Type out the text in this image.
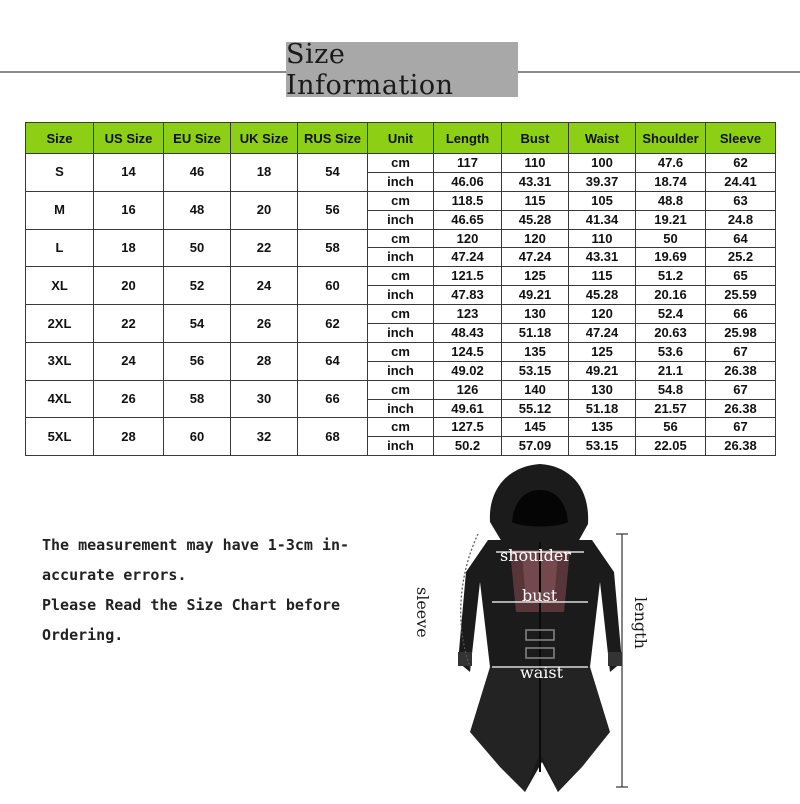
Size Information
Size	US Size	EU Size	UK Size	RUS Size	Unit	Length	Bust	Waist	Shoulder	Sleeve
S	14	46	18	54	cm	117	110	100	47.6	62
					inch	46.06	43.31	39.37	18.74	24.41
M	16	48	20	56	cm	118.5	115	105	48.8	63
					inch	46.65	45.28	41.34	19.21	24.8
L	18	50	22	58	cm	120	120	110	50	64
					inch	47.24	47.24	43.31	19.69	25.2
XL	20	52	24	60	cm	121.5	125	115	51.2	65
					inch	47.83	49.21	45.28	20.16	25.59
2XL	22	54	26	62	cm	123	130	120	52.4	66
					inch	48.43	51.18	47.24	20.63	25.98
3XL	24	56	28	64	cm	124.5	135	125	53.6	67
					inch	49.02	53.15	49.21	21.1	26.38
4XL	26	58	30	66	cm	126	140	130	54.8	67
					inch	49.61	55.12	51.18	21.57	26.38
5XL	28	60	32	68	cm	127.5	145	135	56	67
					inch	50.2	57.09	53.15	22.05	26.38
The measurement may have 1-3cm in-
accurate errors.
Please Read the Size Chart before
Ordering.
shoulder
bust
waist
sleeve	length
